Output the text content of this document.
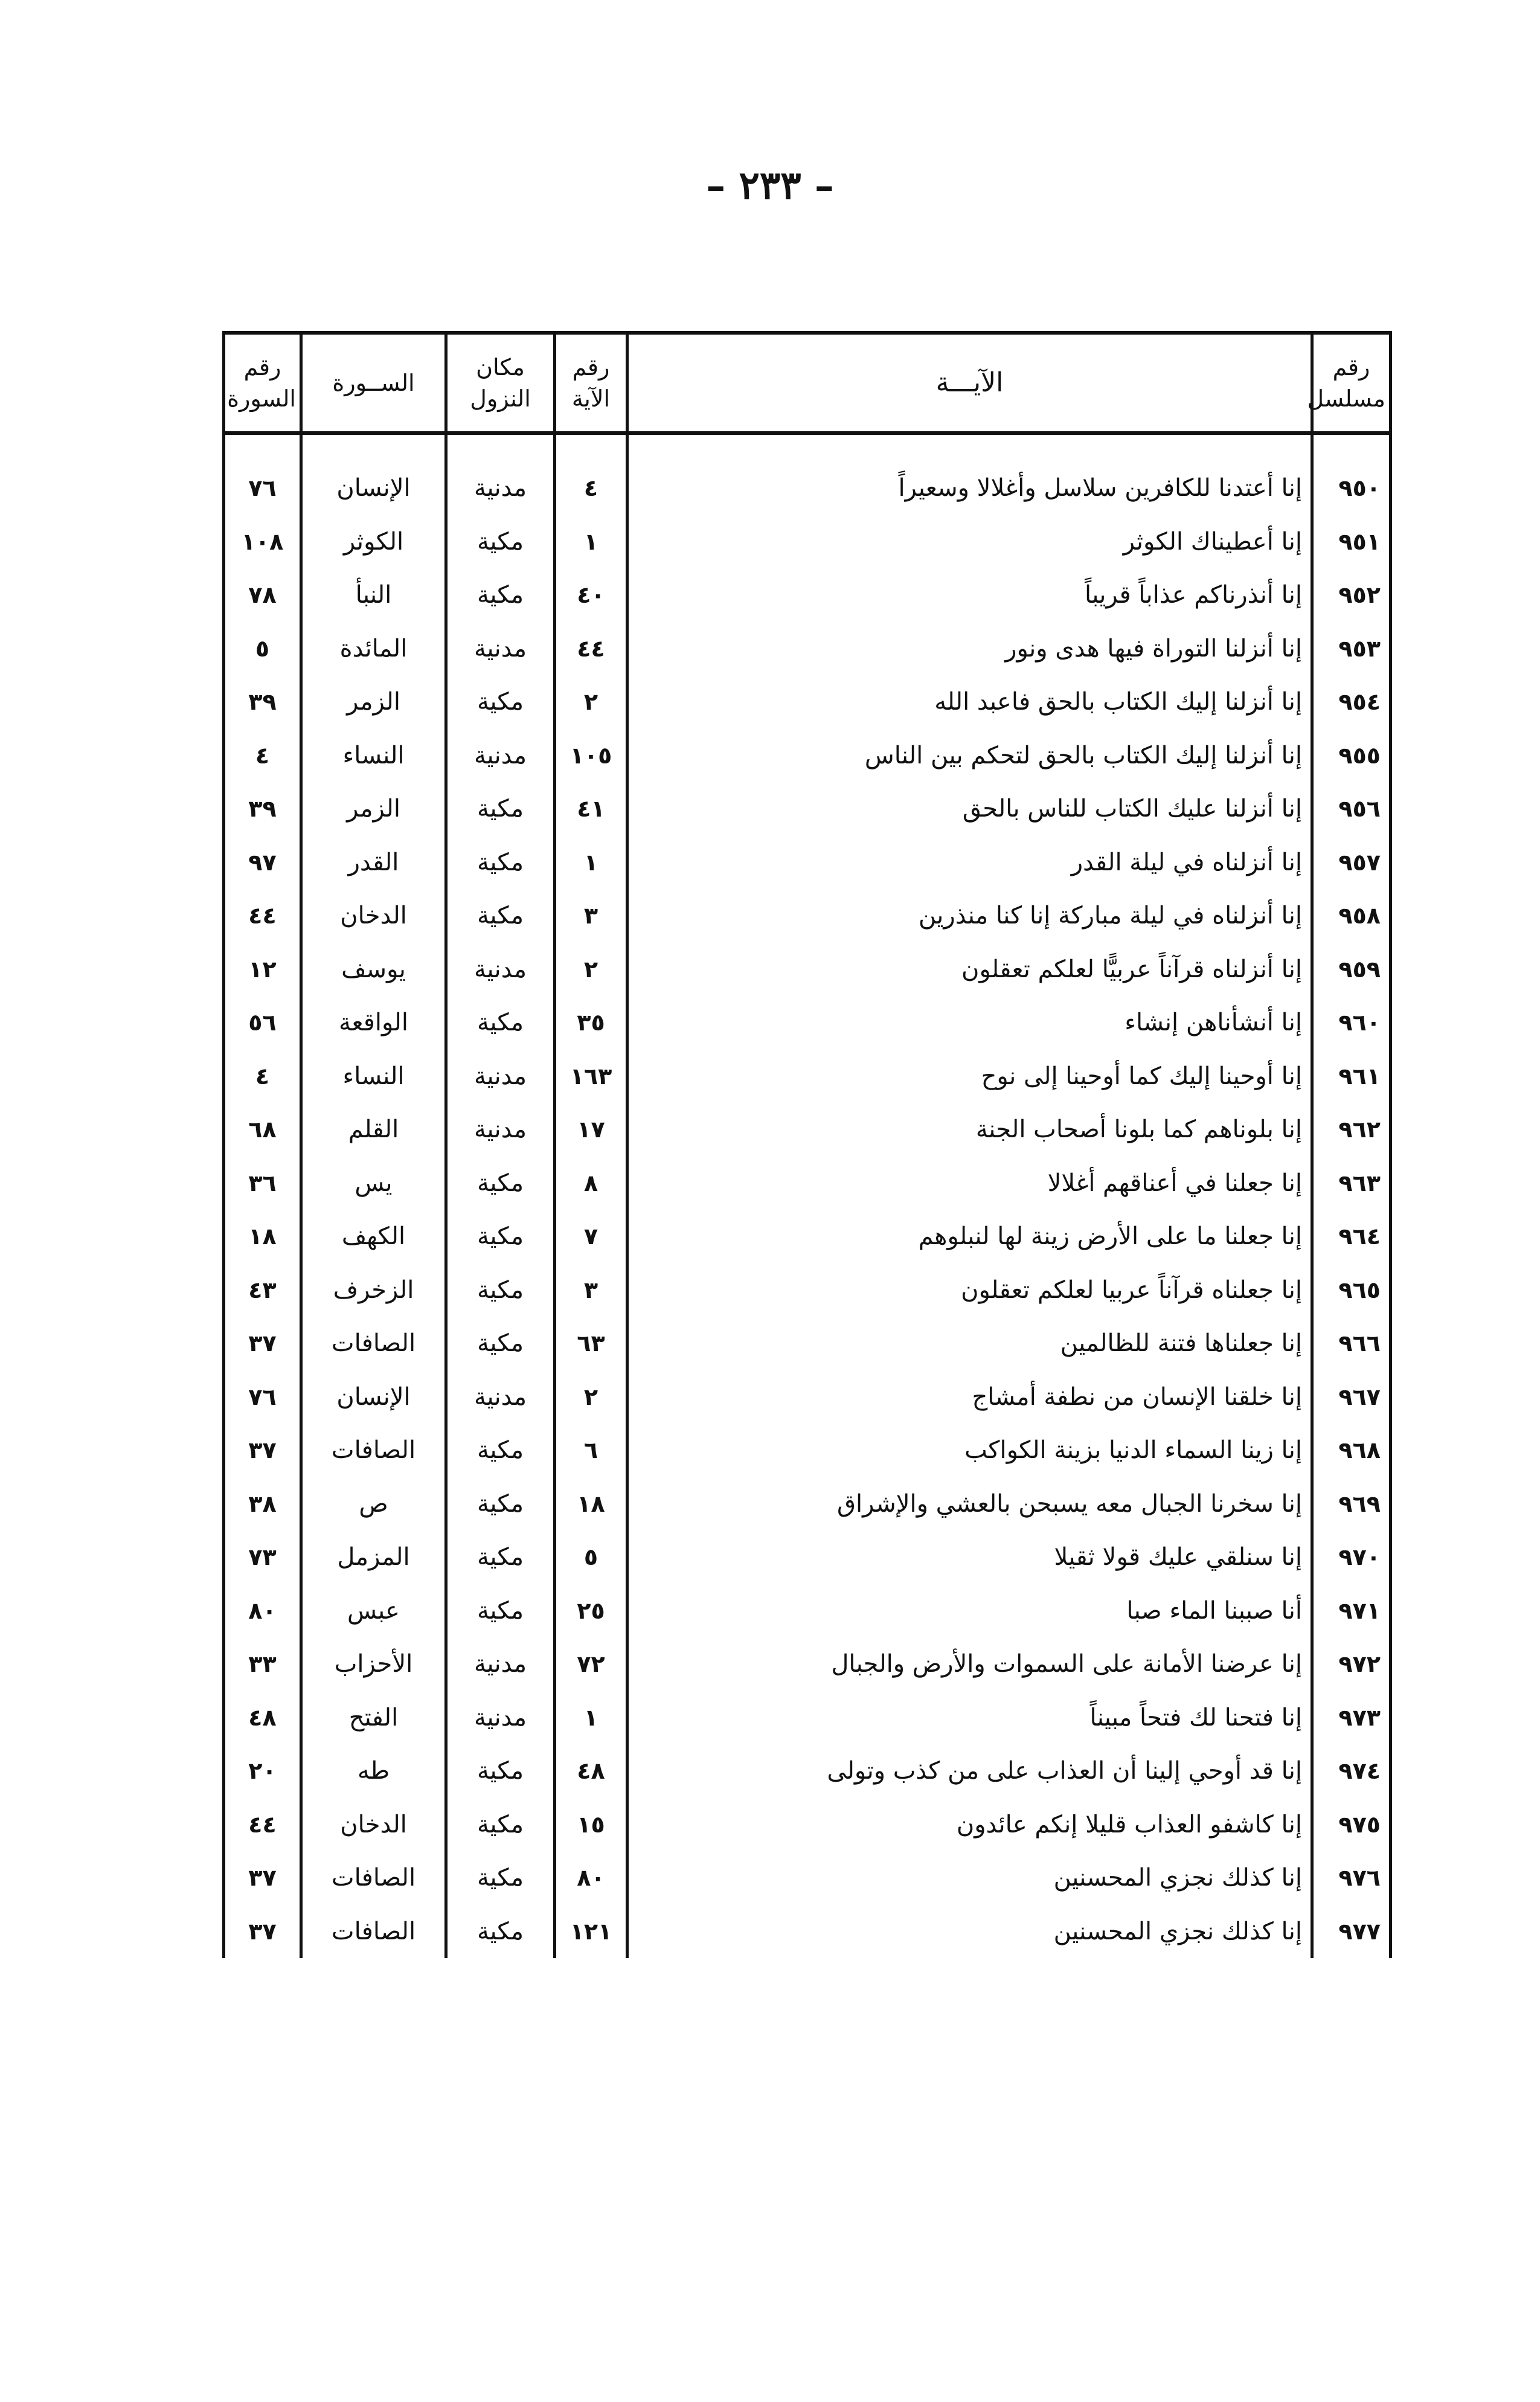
– ٢٣٣ –
رقم مسلسل	الآيـــة	رقم الآية	مكان النزول	الســورة	رقم السورة

٩٥٠	إنا أعتدنا للكافرين سلاسل وأغلالا وسعيراً	٤	مدنية	الإنسان	٧٦
٩٥١	إنا أعطيناك الكوثر	١	مكية	الكوثر	١٠٨
٩٥٢	إنا أنذرناكم عذاباً قريباً	٤٠	مكية	النبأ	٧٨
٩٥٣	إنا أنزلنا التوراة فيها هدى ونور	٤٤	مدنية	المائدة	٥
٩٥٤	إنا أنزلنا إليك الكتاب بالحق فاعبد الله	٢	مكية	الزمر	٣٩
٩٥٥	إنا أنزلنا إليك الكتاب بالحق لتحكم بين الناس	١٠٥	مدنية	النساء	٤
٩٥٦	إنا أنزلنا عليك الكتاب للناس بالحق	٤١	مكية	الزمر	٣٩
٩٥٧	إنا أنزلناه في ليلة القدر	١	مكية	القدر	٩٧
٩٥٨	إنا أنزلناه في ليلة مباركة إنا كنا منذرين	٣	مكية	الدخان	٤٤
٩٥٩	إنا أنزلناه قرآناً عربيًّا لعلكم تعقلون	٢	مدنية	يوسف	١٢
٩٦٠	إنا أنشأناهن إنشاء	٣٥	مكية	الواقعة	٥٦
٩٦١	إنا أوحينا إليك كما أوحينا إلى نوح	١٦٣	مدنية	النساء	٤
٩٦٢	إنا بلوناهم كما بلونا أصحاب الجنة	١٧	مدنية	القلم	٦٨
٩٦٣	إنا جعلنا في أعناقهم أغلالا	٨	مكية	يس	٣٦
٩٦٤	إنا جعلنا ما على الأرض زينة لها لنبلوهم	٧	مكية	الكهف	١٨
٩٦٥	إنا جعلناه قرآناً عربيا لعلكم تعقلون	٣	مكية	الزخرف	٤٣
٩٦٦	إنا جعلناها فتنة للظالمين	٦٣	مكية	الصافات	٣٧
٩٦٧	إنا خلقنا الإنسان من نطفة أمشاج	٢	مدنية	الإنسان	٧٦
٩٦٨	إنا زينا السماء الدنيا بزينة الكواكب	٦	مكية	الصافات	٣٧
٩٦٩	إنا سخرنا الجبال معه يسبحن بالعشي والإشراق	١٨	مكية	ص	٣٨
٩٧٠	إنا سنلقي عليك قولا ثقيلا	٥	مكية	المزمل	٧٣
٩٧١	أنا صببنا الماء صبا	٢٥	مكية	عبس	٨٠
٩٧٢	إنا عرضنا الأمانة على السموات والأرض والجبال	٧٢	مدنية	الأحزاب	٣٣
٩٧٣	إنا فتحنا لك فتحاً مبيناً	١	مدنية	الفتح	٤٨
٩٧٤	إنا قد أوحي إلينا أن العذاب على من كذب وتولى	٤٨	مكية	طه	٢٠
٩٧٥	إنا كاشفو العذاب قليلا إنكم عائدون	١٥	مكية	الدخان	٤٤
٩٧٦	إنا كذلك نجزي المحسنين	٨٠	مكية	الصافات	٣٧
٩٧٧	إنا كذلك نجزي المحسنين	١٢١	مكية	الصافات	٣٧
